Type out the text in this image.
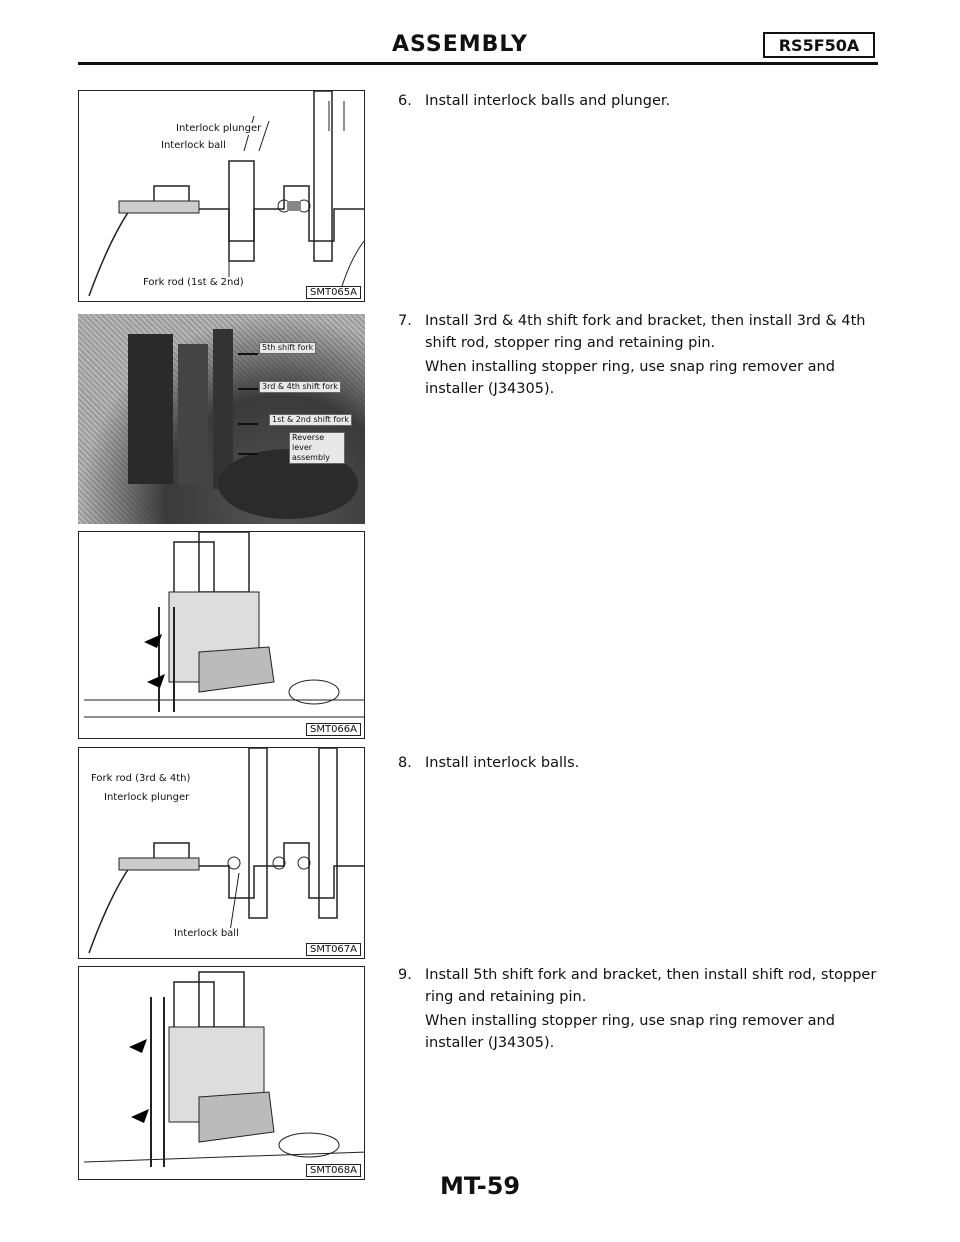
ASSEMBLY	RS5F50A
Interlock plunger
Interlock ball
Fork rod (1st & 2nd)
SMT065A
5th shift fork
3rd & 4th shift fork
1st & 2nd shift fork
Reverse lever assembly
SMT066A
Fork rod (3rd & 4th)
Interlock plunger
Interlock ball
SMT067A
SMT068A
6. Install interlock balls and plunger.

7. Install 3rd & 4th shift fork and bracket, then install 3rd & 4th shift rod, stopper ring and retaining pin.

When installing stopper ring, use snap ring remover and installer (J34305).

8. Install interlock balls.

9. Install 5th shift fork and bracket, then install shift rod, stopper ring and retaining pin.

When installing stopper ring, use snap ring remover and installer (J34305).

MT-59
